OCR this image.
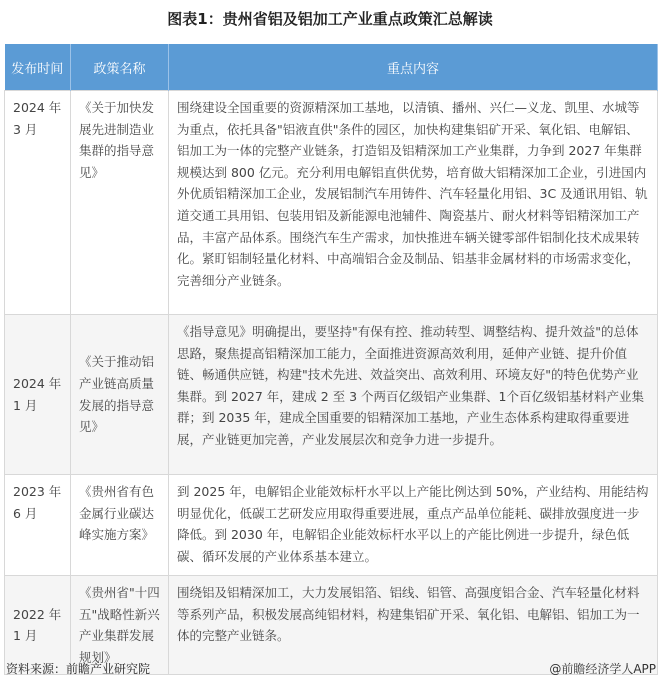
图表1：贵州省铝及铝加工产业重点政策汇总解读
发布时间	政策名称	重点内容
2024 年 3 月	《关于加快发展先进制造业集群的指导意见》	围绕建设全国重要的资源精深加工基地，以清镇、播州、兴仁—义龙、凯里、水城等为重点，依托具备"铝液直供"条件的园区，加快构建集铝矿开采、氧化铝、电解铝、铝加工为一体的完整产业链条，打造铝及铝精深加工产业集群，力争到 2027 年集群规模达到 800 亿元。充分利用电解铝直供优势，培育做大铝精深加工企业，引进国内外优质铝精深加工企业，发展铝制汽车用铸件、汽车轻量化用铝、3C 及通讯用铝、轨道交通工具用铝、包装用铝及新能源电池辅件、陶瓷基片、耐火材料等铝精深加工产品，丰富产品体系。围绕汽车生产需求，加快推进车辆关键零部件铝制化技术成果转化。紧盯铝制轻量化材料、中高端铝合金及制品、铝基非金属材料的市场需求变化，完善细分产业链条。
2024 年 1 月	《关于推动铝产业链高质量发展的指导意见》	《指导意见》明确提出，要坚持"有保有控、推动转型、调整结构、提升效益"的总体思路，聚焦提高铝精深加工能力，全面推进资源高效利用，延伸产业链、提升价值链、畅通供应链，构建"技术先进、效益突出、高效利用、环境友好"的特色优势产业集群。到 2027 年，建成 2 至 3 个两百亿级铝产业集群、1个百亿级铝基材料产业集群；到 2035 年，建成全国重要的铝精深加工基地，产业生态体系构建取得重要进展，产业链更加完善，产业发展层次和竞争力进一步提升。
2023 年 6 月	《贵州省有色金属行业碳达峰实施方案》	到 2025 年，电解铝企业能效标杆水平以上产能比例达到 50%，产业结构、用能结构明显优化，低碳工艺研发应用取得重要进展，重点产品单位能耗、碳排放强度进一步降低。到 2030 年，电解铝企业能效标杆水平以上的产能比例进一步提升，绿色低碳、循环发展的产业体系基本建立。
2022 年 1 月	《贵州省"十四五"战略性新兴产业集群发展规划》	围绕铝及铝精深加工，大力发展铝箔、铝线、铝管、高强度铝合金、汽车轻量化材料等系列产品，积极发展高纯铝材料，构建集铝矿开采、氧化铝、电解铝、铝加工为一体的完整产业链条。
资料来源：前瞻产业研究院	@前瞻经济学人APP
